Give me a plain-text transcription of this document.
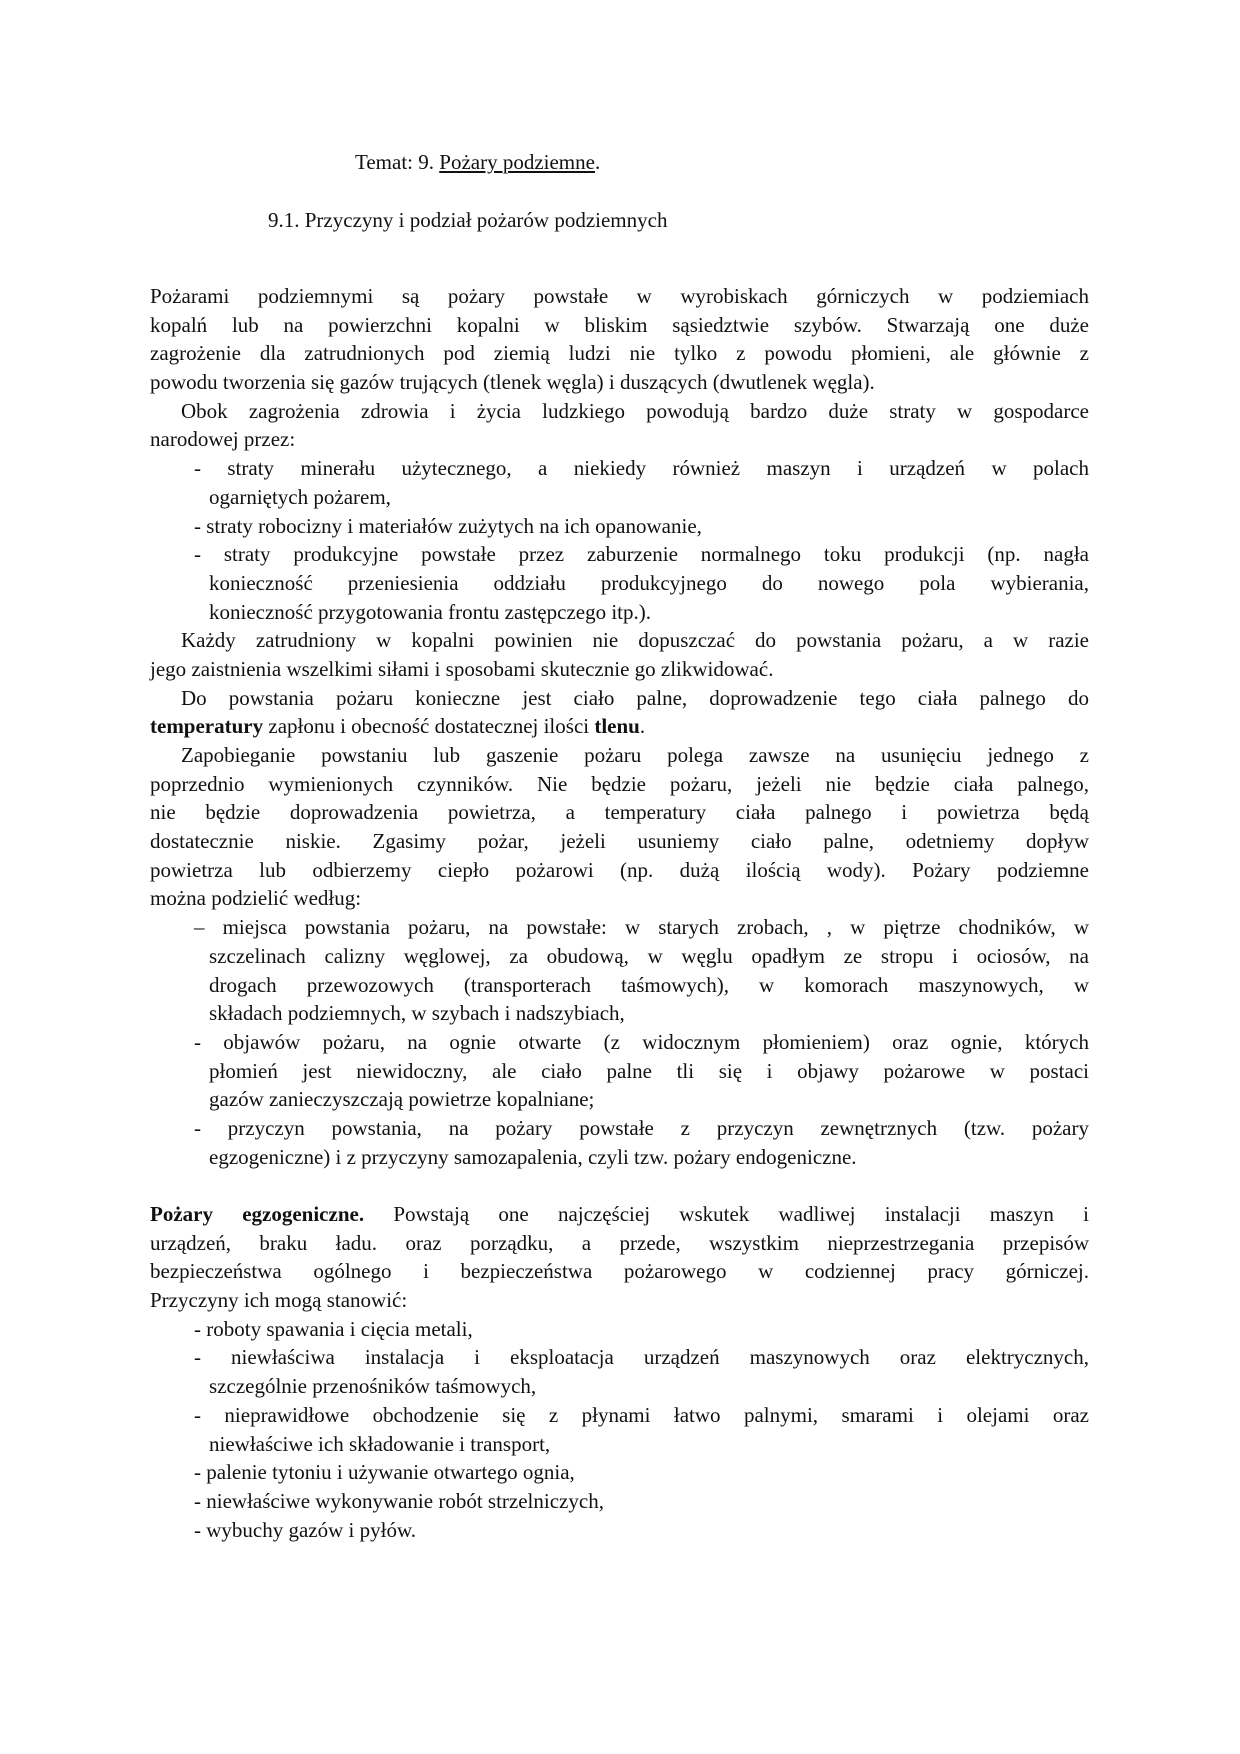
Temat: 9. Pożary podziemne.
9.1. Przyczyny i podział pożarów podziemnych
Pożarami podziemnymi są pożary powstałe w wyrobiskach górniczych w podziemiach
kopalń lub na powierzchni kopalni w bliskim sąsiedztwie szybów. Stwarzają one duże
zagrożenie dla zatrudnionych pod ziemią ludzi nie tylko z powodu płomieni, ale głównie z
powodu tworzenia się gazów trujących (tlenek węgla) i duszących (dwutlenek węgla).
Obok zagrożenia zdrowia i życia ludzkiego powodują bardzo duże straty w gospodarce
narodowej przez:
- straty minerału użytecznego, a niekiedy również maszyn i urządzeń w polach
ogarniętych pożarem,
- straty robocizny i materiałów zużytych na ich opanowanie,
- straty produkcyjne powstałe przez zaburzenie normalnego toku produkcji (np. nagła
konieczność przeniesienia oddziału produkcyjnego do nowego pola wybierania,
konieczność przygotowania frontu zastępczego itp.).
Każdy zatrudniony w kopalni powinien nie dopuszczać do powstania pożaru, a w razie
jego zaistnienia wszelkimi siłami i sposobami skutecznie go zlikwidować.
Do powstania pożaru konieczne jest ciało palne, doprowadzenie tego ciała palnego do
temperatury zapłonu i obecność dostatecznej ilości tlenu.
Zapobieganie powstaniu lub gaszenie pożaru polega zawsze na usunięciu jednego z
poprzednio wymienionych czynników. Nie będzie pożaru, jeżeli nie będzie ciała palnego,
nie będzie doprowadzenia powietrza, a temperatury ciała palnego i powietrza będą
dostatecznie niskie. Zgasimy pożar, jeżeli usuniemy ciało palne, odetniemy dopływ
powietrza lub odbierzemy ciepło pożarowi (np. dużą ilością wody). Pożary podziemne
można podzielić według:
– miejsca powstania pożaru, na powstałe: w starych zrobach, , w piętrze chodników, w
szczelinach calizny węglowej, za obudową, w węglu opadłym ze stropu i ociosów, na
drogach przewozowych (transporterach taśmowych), w komorach maszynowych, w
składach podziemnych, w szybach i nadszybiach,
- objawów pożaru, na ognie otwarte (z widocznym płomieniem) oraz ognie, których
płomień jest niewidoczny, ale ciało palne tli się i objawy pożarowe w postaci
gazów zanieczyszczają powietrze kopalniane;
- przyczyn powstania, na pożary powstałe z przyczyn zewnętrznych (tzw. pożary
egzogeniczne) i z przyczyny samozapalenia, czyli tzw. pożary endogeniczne.
Pożary egzogeniczne. Powstają one najczęściej wskutek wadliwej instalacji maszyn i
urządzeń, braku ładu. oraz porządku, a przede, wszystkim nieprzestrzegania przepisów
bezpieczeństwa ogólnego i bezpieczeństwa pożarowego w codziennej pracy górniczej.
Przyczyny ich mogą stanowić:
- roboty spawania i cięcia metali,
- niewłaściwa instalacja i eksploatacja urządzeń maszynowych oraz elektrycznych,
szczególnie przenośników taśmowych,
- nieprawidłowe obchodzenie się z płynami łatwo palnymi, smarami i olejami oraz
niewłaściwe ich składowanie i transport,
- palenie tytoniu i używanie otwartego ognia,
- niewłaściwe wykonywanie robót strzelniczych,
- wybuchy gazów i pyłów.
